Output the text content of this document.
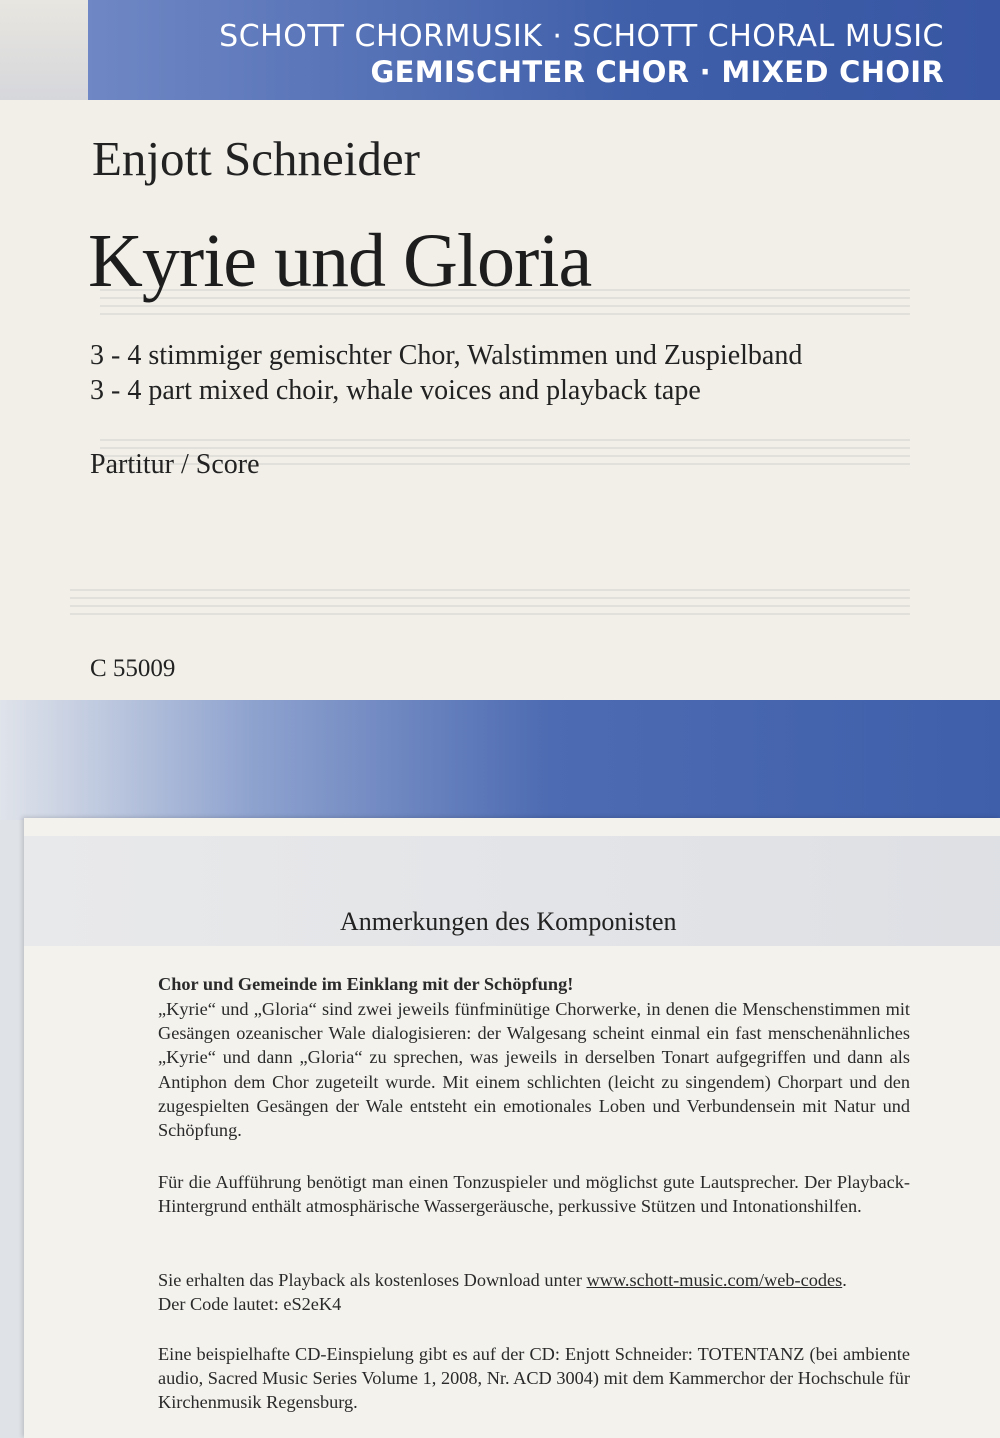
SCHOTT CHORMUSIK · SCHOTT CHORAL MUSIC
GEMISCHTER CHOR · MIXED CHOIR
Enjott Schneider
Kyrie und Gloria
3 - 4 stimmiger gemischter Chor, Walstimmen und Zuspielband
3 - 4 part mixed choir, whale voices and playback tape
Partitur / Score
C 55009
Anmerkungen des Komponisten

Chor und Gemeinde im Einklang mit der Schöpfung!

„Kyrie“ und „Gloria“ sind zwei jeweils fünfminütige Chorwerke, in denen die Menschenstimmen mit Gesängen ozeanischer Wale dialogisieren: der Walgesang scheint einmal ein fast menschenähnliches „Kyrie“ und dann „Gloria“ zu sprechen, was jeweils in derselben Tonart aufgegriffen und dann als Antiphon dem Chor zugeteilt wurde. Mit einem schlichten (leicht zu singendem) Chorpart und den zugespielten Gesängen der Wale entsteht ein emotionales Loben und Verbundensein mit Natur und Schöpfung.

Für die Aufführung benötigt man einen Tonzuspieler und möglichst gute Lautsprecher. Der Playback-Hintergrund enthält atmosphärische Wassergeräusche, perkussive Stützen und Intonationshilfen.

Sie erhalten das Playback als kostenloses Download unter www.schott-music.com/web-codes.
Der Code lautet: eS2eK4

Eine beispielhafte CD-Einspielung gibt es auf der CD: Enjott Schneider: TOTENTANZ (bei ambiente audio, Sacred Music Series Volume 1, 2008, Nr. ACD 3004) mit dem Kammerchor der Hochschule für Kirchenmusik Regensburg.
